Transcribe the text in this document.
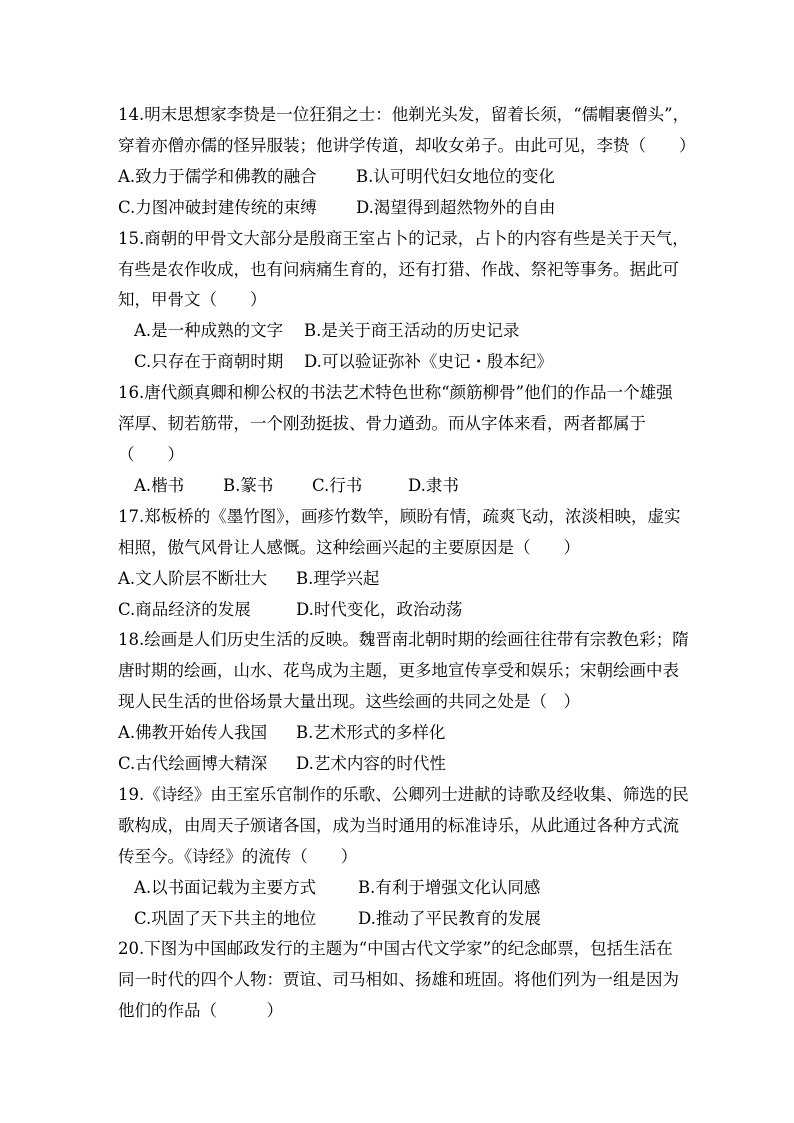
14.明末思想家李贽是一位狂狷之士：他剃光头发，留着长须，“儒帽裹僧头”，
穿着亦僧亦儒的怪异服装；他讲学传道，却收女弟子。由此可见，李贽（　　）
A.致力于儒学和佛教的融合	B.认可明代妇女地位的变化
C.力图冲破封建传统的束缚	D.渴望得到超然物外的自由
15.商朝的甲骨文大部分是殷商王室占卜的记录，占卜的内容有些是关于天气，
有些是农作收成，也有问病痛生育的，还有打猎、作战、祭祀等事务。据此可
知，甲骨文（　　）
A.是一种成熟的文字	B.是关于商王活动的历史记录
C.只存在于商朝时期	D.可以验证弥补《史记・殷本纪》
16.唐代颜真卿和柳公权的书法艺术特色世称“颜筋柳骨”他们的作品一个雄强
浑厚、韧若筋带，一个刚劲挺拔、骨力遒劲。而从字体来看，两者都属于
（　　）
A.楷书	B.篆书	C.行书	D.隶书
17.郑板桥的《墨竹图》，画疹竹数竿，顾盼有情，疏爽飞动，浓淡相映，虚实
相照，傲气风骨让人感慨。这种绘画兴起的主要原因是（　　）
A.文人阶层不断壮大	B.理学兴起
C.商品经济的发展	D.时代变化，政治动荡
18.绘画是人们历史生活的反映。魏晋南北朝时期的绘画往往带有宗教色彩；隋
唐时期的绘画，山水、花鸟成为主题，更多地宣传享受和娱乐；宋朝绘画中表
现人民生活的世俗场景大量出现。这些绘画的共同之处是（　）
A.佛教开始传人我国	B.艺术形式的多样化
C.古代绘画博大精深	D.艺术内容的时代性
19.《诗经》由王室乐官制作的乐歌、公卿列士进献的诗歌及经收集、筛选的民
歌构成，由周天子颁诸各国，成为当时通用的标准诗乐，从此通过各种方式流
传至今。《诗经》的流传（　　）
A.以书面记载为主要方式	B.有利于增强文化认同感
C.巩固了天下共主的地位	D.推动了平民教育的发展
20.下图为中国邮政发行的主题为“中国古代文学家”的纪念邮票，包括生活在
同一时代的四个人物：贾谊、司马相如、扬雄和班固。将他们列为一组是因为
他们的作品（　　　）
